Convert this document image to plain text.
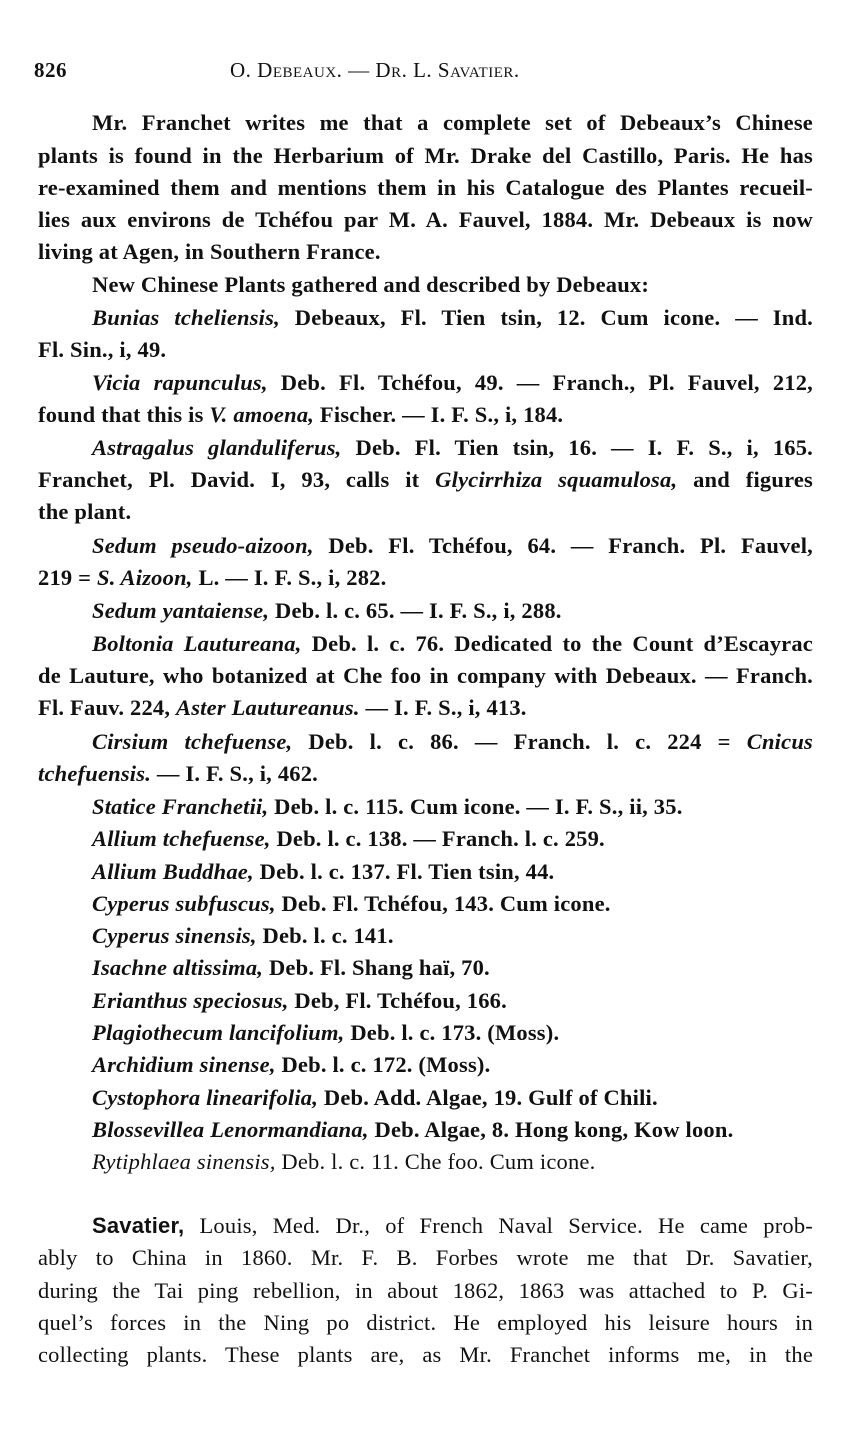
826	O. Debeaux. — Dr. L. Savatier.
Mr. Franchet writes me that a complete set of Debeaux’s Chinese
plants is found in the Herbarium of Mr. Drake del Castillo, Paris. He has
re-examined them and mentions them in his Catalogue des Plantes recueil-
lies aux environs de Tchéfou par M. A. Fauvel, 1884. Mr. Debeaux is now
living at Agen, in Southern France.
New Chinese Plants gathered and described by Debeaux:
Bunias tcheliensis, Debeaux, Fl. Tien tsin, 12. Cum icone. — Ind.
Fl. Sin., i, 49.
Vicia rapunculus, Deb. Fl. Tchéfou, 49. — Franch., Pl. Fauvel, 212,
found that this is V. amoena, Fischer. — I. F. S., i, 184.
Astragalus glanduliferus, Deb. Fl. Tien tsin, 16. — I. F. S., i, 165.
Franchet, Pl. David. I, 93, calls it Glycirrhiza squamulosa, and figures
the plant.
Sedum pseudo-aizoon, Deb. Fl. Tchéfou, 64. — Franch. Pl. Fauvel,
219 = S. Aizoon, L. — I. F. S., i, 282.
Sedum yantaiense, Deb. l. c. 65. — I. F. S., i, 288.
Boltonia Lautureana, Deb. l. c. 76. Dedicated to the Count d’Escayrac
de Lauture, who botanized at Che foo in company with Debeaux. — Franch.
Fl. Fauv. 224, Aster Lautureanus. — I. F. S., i, 413.
Cirsium tchefuense, Deb. l. c. 86. — Franch. l. c. 224 = Cnicus
tchefuensis. — I. F. S., i, 462.
Statice Franchetii, Deb. l. c. 115. Cum icone. — I. F. S., ii, 35.
Allium tchefuense, Deb. l. c. 138. — Franch. l. c. 259.
Allium Buddhae, Deb. l. c. 137. Fl. Tien tsin, 44.
Cyperus subfuscus, Deb. Fl. Tchéfou, 143. Cum icone.
Cyperus sinensis, Deb. l. c. 141.
Isachne altissima, Deb. Fl. Shang haï, 70.
Erianthus speciosus, Deb, Fl. Tchéfou, 166.
Plagiothecum lancifolium, Deb. l. c. 173. (Moss).
Archidium sinense, Deb. l. c. 172. (Moss).
Cystophora linearifolia, Deb. Add. Algae, 19. Gulf of Chili.
Blossevillea Lenormandiana, Deb. Algae, 8. Hong kong, Kow loon.
Rytiphlaea sinensis, Deb. l. c. 11. Che foo. Cum icone.
Savatier, Louis, Med. Dr., of French Naval Service. He came prob-
ably to China in 1860. Mr. F. B. Forbes wrote me that Dr. Savatier,
during the Tai ping rebellion, in about 1862, 1863 was attached to P. Gi-
quel’s forces in the Ning po district. He employed his leisure hours in
collecting plants. These plants are, as Mr. Franchet informs me, in the
